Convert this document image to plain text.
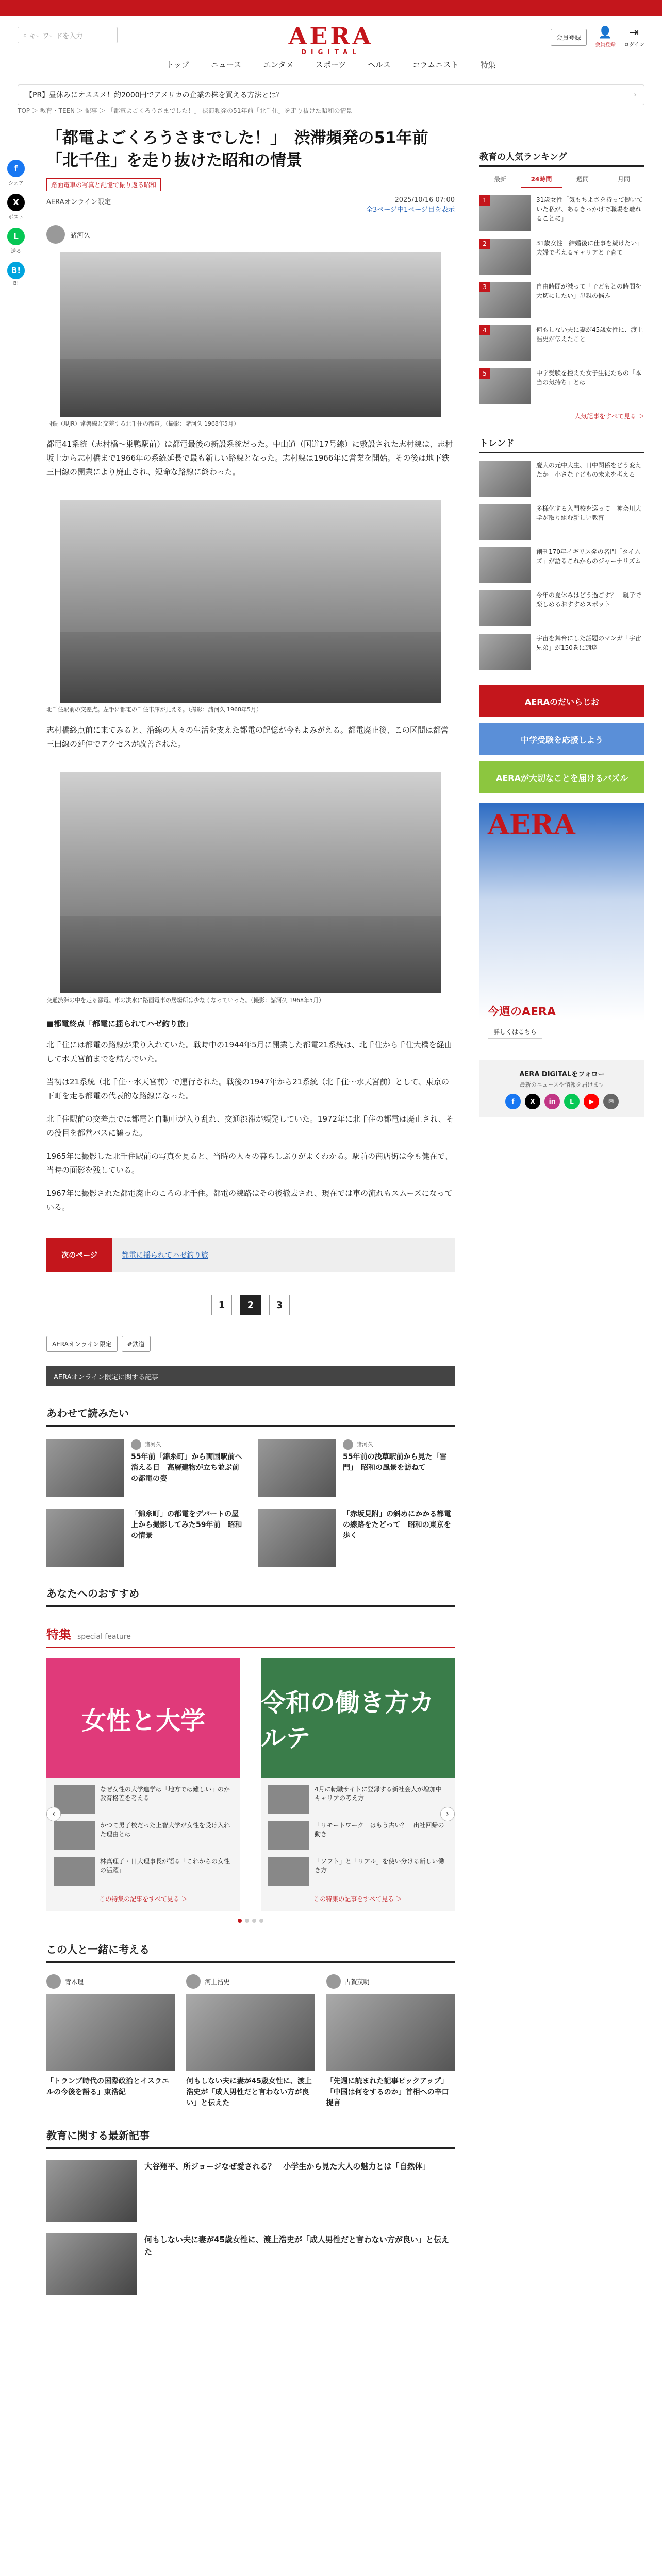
⌕ キーワードを入力	AERA
DIGITAL
会員登録	👤
会員登録
⇥
ログイン
トップ	ニュース	エンタメ	スポーツ	ヘルス	コラムニスト	特集
【PR】昼休みにオススメ！約2000円でアメリカの企業の株を買える方法とは？	›
TOP ＞ 教育・TEEN ＞ 記事 ＞ 「都電よごくろうさまでした！」 渋滞頻発の51年前「北千住」を走り抜けた昭和の情景
f
シェア
X
ポスト
L
送る
B!
B!
「都電よごくろうさまでした！」　渋滞頻発の51年前「北千住」を走り抜けた昭和の情景
路面電車の写真と記憶で振り返る昭和
AERAオンライン限定	2025/10/16 07:00
全3ページ中1ページ目を表示
諸河久
国鉄（現JR）常磐線と交差する北千住の都電。（撮影：諸河久 1968年5月）

都電41系統（志村橋～巣鴨駅前）は都電最後の新設系統だった。中山道（国道17号線）に敷設された志村線は、志村坂上から志村橋まで1966年の系統延長で最も新しい路線となった。志村線は1966年に営業を開始。その後は地下鉄三田線の開業により廃止され、短命な路線に終わった。

北千住駅前の交差点。左手に都電の千住車庫が見える。（撮影：諸河久 1968年5月）

志村橋終点前に来てみると、沿線の人々の生活を支えた都電の記憶が今もよみがえる。都電廃止後、この区間は都営三田線の延伸でアクセスが改善された。

交通渋滞の中を走る都電。車の洪水に路面電車の居場所は少なくなっていった。（撮影：諸河久 1968年5月）
■都電終点「都電に揺られてハゼ釣り旅」

北千住には都電の路線が乗り入れていた。戦時中の1944年5月に開業した都電21系統は、北千住から千住大橋を経由して水天宮前までを結んでいた。

当初は21系統（北千住～水天宮前）で運行された。戦後の1947年から21系統（北千住～水天宮前）として、東京の下町を走る都電の代表的な路線になった。

北千住駅前の交差点では都電と自動車が入り乱れ、交通渋滞が頻発していた。1972年に北千住の都電は廃止され、その役目を都営バスに譲った。

1965年に撮影した北千住駅前の写真を見ると、当時の人々の暮らしぶりがよくわかる。駅前の商店街は今も健在で、当時の面影を残している。

1967年に撮影された都電廃止のころの北千住。都電の線路はその後撤去され、現在では車の流れもスムーズになっている。

次のページ	都電に揺られてハゼ釣り旅
1	2	3
AERAオンライン限定	#鉄道
AERAオンライン限定に関する記事
あわせて読みたい
諸河久
55年前「錦糸町」から両国駅前へ消える日　高層建物が立ち並ぶ前の都電の姿
諸河久
55年前の浅草駅前から見た「雷門」　昭和の風景を訪ねて
「錦糸町」の都電をデパートの屋上から撮影してみた59年前　昭和の情景
「赤坂見附」の斜めにかかる都電の線路をたどって　昭和の東京を歩く
あなたへのおすすめ
特集 special feature
‹
女性と大学
なぜ女性の大学進学は「地方では難しい」のか　教育格差を考える
かつて男子校だった上智大学が女性を受け入れた理由とは
林真理子・日大理事長が語る「これからの女性の活躍」
この特集の記事をすべて見る ＞
令和の働き方カルテ
4月に転職サイトに登録する新社会人が増加中　キャリアの考え方
「リモートワーク」はもう古い？　出社回帰の動き
「ソフト」と「リアル」を使い分ける新しい働き方
この特集の記事をすべて見る ＞
›
この人と一緒に考える
青木理
「トランプ時代の国際政治とイスラエルの今後を語る」東浩紀
河上浩史
何もしない夫に妻が45歳女性に、渡上浩史が「成人男性だと言わない方が良い」と伝えた
古賀茂明
「先週に読まれた記事ピックアップ」「中国は何をするのか」首相への辛口提言
教育に関する最新記事
大谷翔平、所ジョージなぜ愛される？　小学生から見た大人の魅力とは「自然体」
何もしない夫に妻が45歳女性に、渡上浩史が「成人男性だと言わない方が良い」と伝えた
教育の人気ランキング
最新	24時間	週間	月間
1	31歳女性「気もちよさを持って働いていた私が、あるきっかけで職場を離れることに」
2	31歳女性「結婚後に仕事を続けたい」夫婦で考えるキャリアと子育て
3	自由時間が減って「子どもとの時間を大切にしたい」母親の悩み
4	何もしない夫に妻が45歳女性に、渡上浩史が伝えたこと
5	中学受験を控えた女子生徒たちの「本当の気持ち」とは
人気記事をすべて見る ＞
トレンド
慶大の元中大生、日中関係をどう変えたか　小さな子どもの未来を考える
多様化する入門校を巡って　神奈川大学が取り組む新しい教育
創刊170年イギリス発の名門「タイムズ」が語るこれからのジャーナリズム
今年の夏休みはどう過ごす？　親子で楽しめるおすすめスポット
宇宙を舞台にした話題のマンガ「宇宙兄弟」が150巻に到達
AERAのだいらじお
中学受験を応援しよう
AERAが大切なことを届けるパズル
AERA
今週のAERA
詳しくはこちら
AERA DIGITALをフォロー
最新のニュースや情報を届けます
f	X	in	L	▶	✉
